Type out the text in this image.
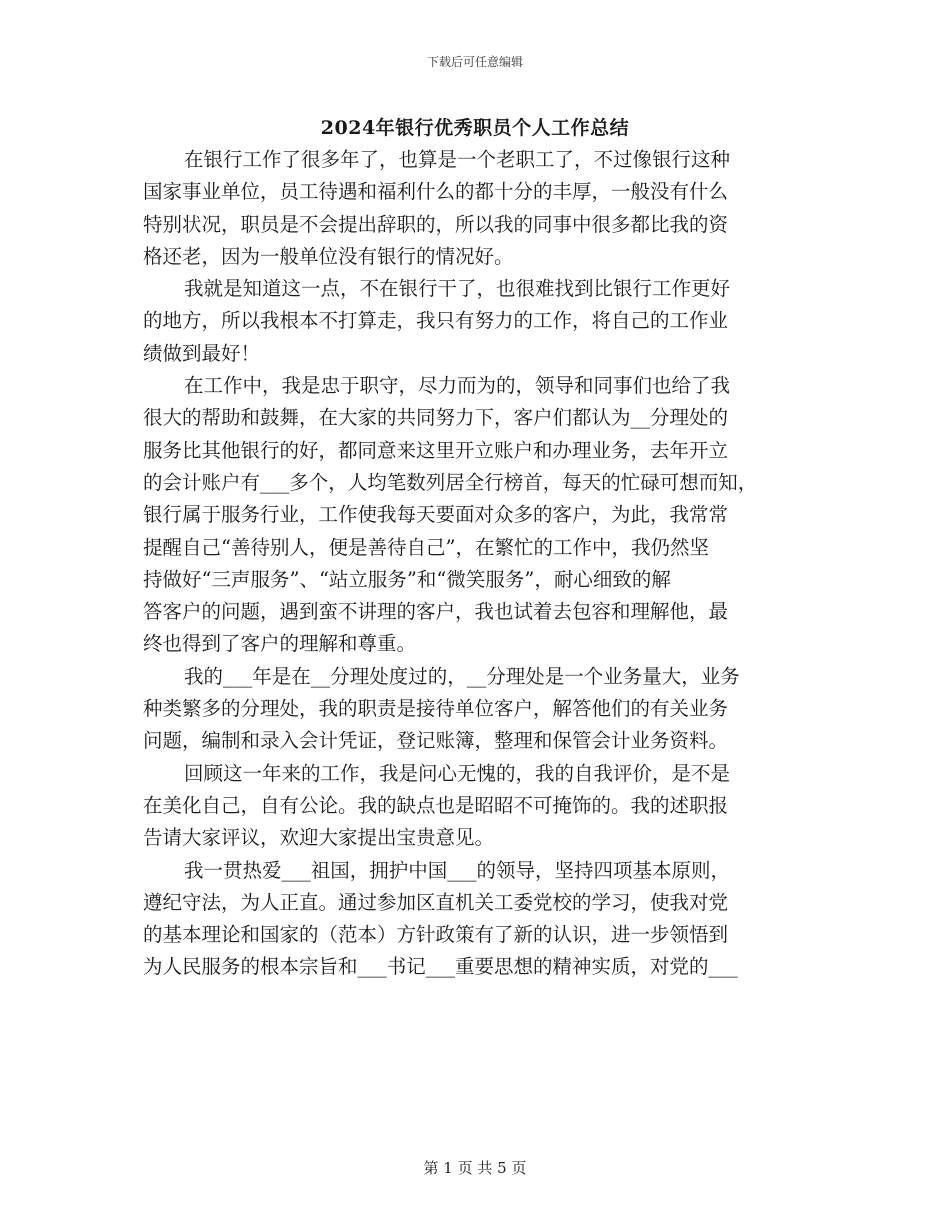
下载后可任意编辑
2024年银行优秀职员个人工作总结
在银行工作了很多年了，也算是一个老职工了，不过像银行这种
国家事业单位，员工待遇和福利什么的都十分的丰厚，一般没有什么
特别状况，职员是不会提出辞职的，所以我的同事中很多都比我的资
格还老，因为一般单位没有银行的情况好。
我就是知道这一点，不在银行干了，也很难找到比银行工作更好
的地方，所以我根本不打算走，我只有努力的工作，将自己的工作业
绩做到最好！
在工作中，我是忠于职守，尽力而为的，领导和同事们也给了我
很大的帮助和鼓舞，在大家的共同努力下，客户们都认为__分理处的
服务比其他银行的好，都同意来这里开立账户和办理业务，去年开立
的会计账户有___多个，人均笔数列居全行榜首，每天的忙碌可想而知，
银行属于服务行业，工作使我每天要面对众多的客户，为此，我常常
提醒自己“善待别人，便是善待自己”，在繁忙的工作中，我仍然坚
持做好“三声服务”、“站立服务”和“微笑服务”，耐心细致的解
答客户的问题，遇到蛮不讲理的客户，我也试着去包容和理解他，最
终也得到了客户的理解和尊重。
我的___年是在__分理处度过的，__分理处是一个业务量大，业务
种类繁多的分理处，我的职责是接待单位客户，解答他们的有关业务
问题，编制和录入会计凭证，登记账簿，整理和保管会计业务资料。
回顾这一年来的工作，我是问心无愧的，我的自我评价，是不是
在美化自己，自有公论。我的缺点也是昭昭不可掩饰的。我的述职报
告请大家评议，欢迎大家提出宝贵意见。
我一贯热爱___祖国，拥护中国___的领导，坚持四项基本原则，
遵纪守法，为人正直。通过参加区直机关工委党校的学习，使我对党
的基本理论和国家的（范本）方针政策有了新的认识，进一步领悟到
为人民服务的根本宗旨和___书记___重要思想的精神实质，对党的___
第 1 页 共 5 页
